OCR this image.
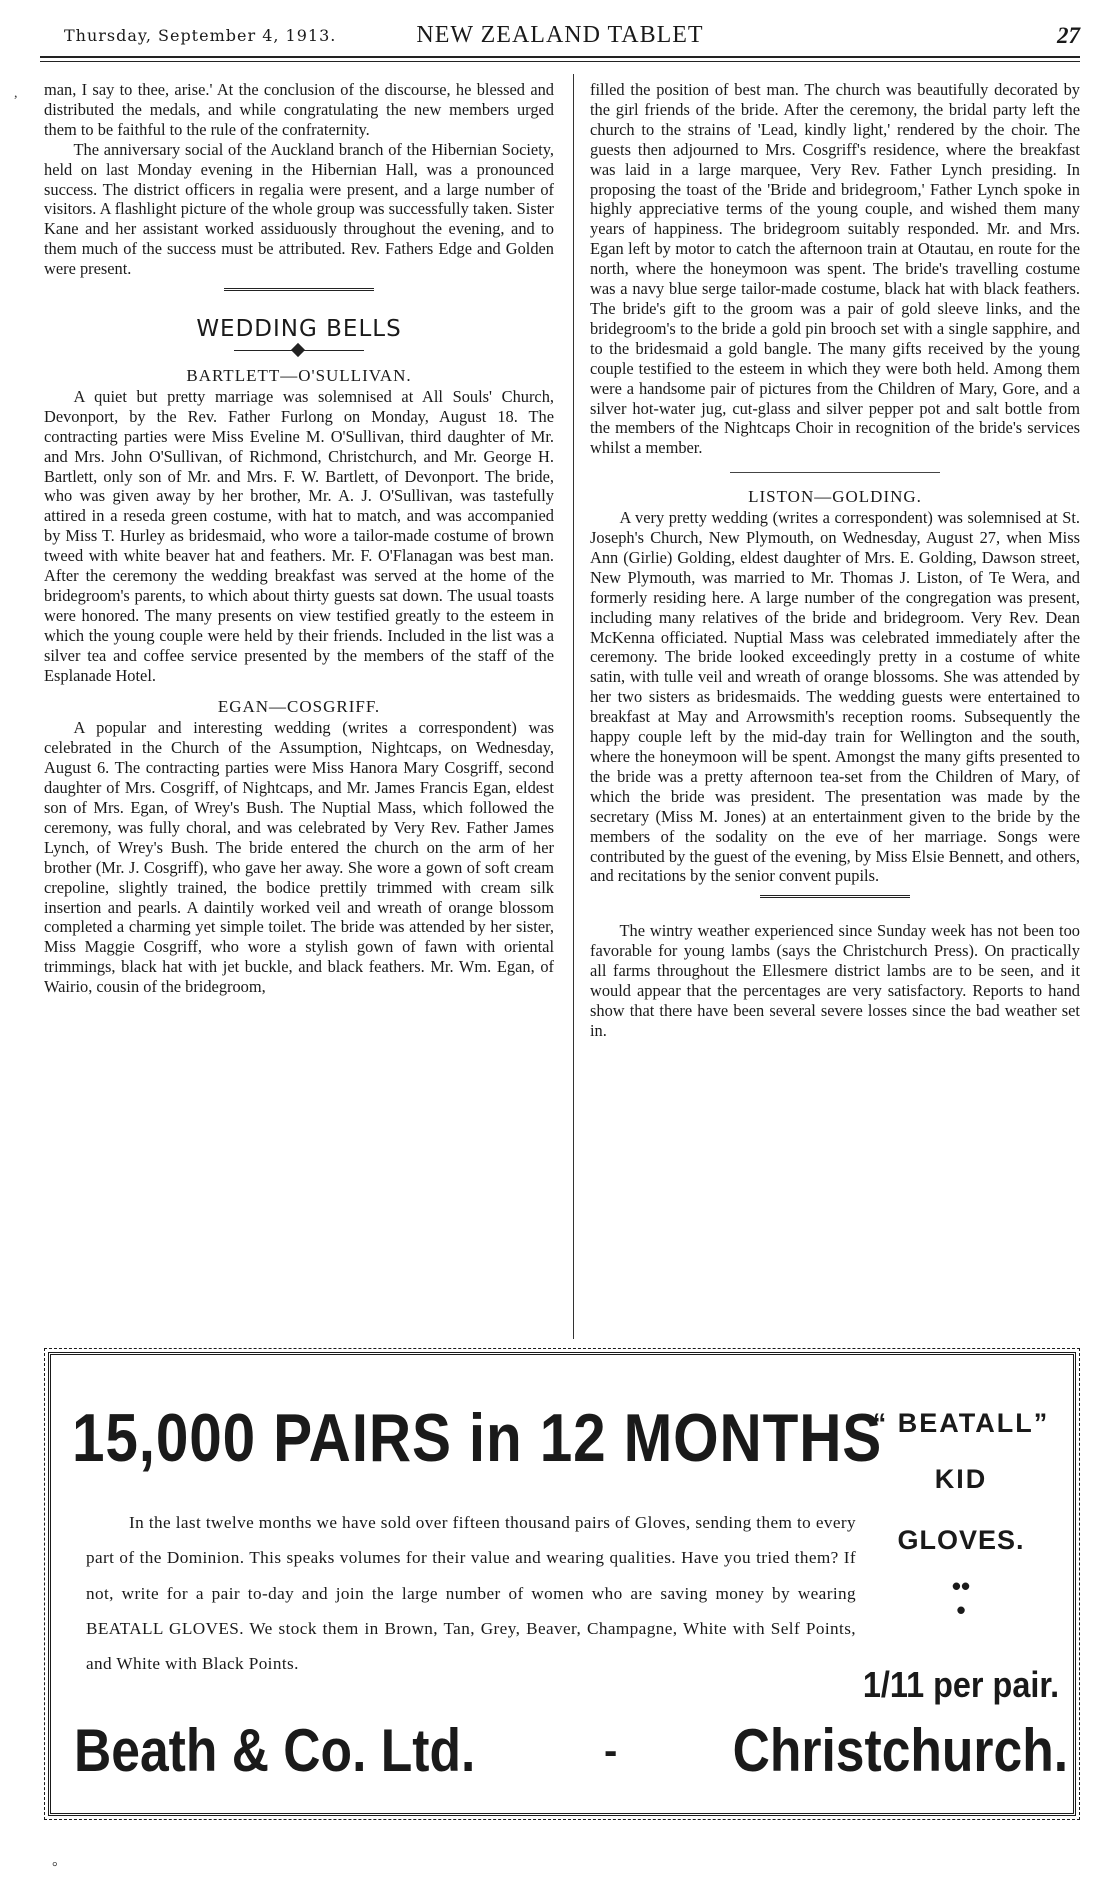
Thursday, September 4, 1913.	NEW ZEALAND TABLET	27
, man, I say to thee, arise.' At the conclusion of the discourse, he blessed and distributed the medals, and while congratulating the new members urged them to be faithful to the rule of the confraternity.

The anniversary social of the Auckland branch of the Hibernian Society, held on last Monday evening in the Hibernian Hall, was a pronounced success. The district officers in regalia were present, and a large number of visitors. A flashlight picture of the whole group was successfully taken. Sister Kane and her assistant worked assiduously throughout the evening, and to them much of the success must be attributed. Rev. Fathers Edge and Golden were present.

WEDDING BELLS
BARTLETT—O'SULLIVAN.

A quiet but pretty marriage was solemnised at All Souls' Church, Devonport, by the Rev. Father Furlong on Monday, August 18. The contracting parties were Miss Eveline M. O'Sullivan, third daughter of Mr. and Mrs. John O'Sullivan, of Richmond, Christchurch, and Mr. George H. Bartlett, only son of Mr. and Mrs. F. W. Bartlett, of Devonport. The bride, who was given away by her brother, Mr. A. J. O'Sullivan, was tastefully attired in a reseda green costume, with hat to match, and was accompanied by Miss T. Hurley as bridesmaid, who wore a tailor-made costume of brown tweed with white beaver hat and feathers. Mr. F. O'Flanagan was best man. After the ceremony the wedding breakfast was served at the home of the bridegroom's parents, to which about thirty guests sat down. The usual toasts were honored. The many presents on view testified greatly to the esteem in which the young couple were held by their friends. Included in the list was a silver tea and coffee service presented by the members of the staff of the Esplanade Hotel.

EGAN—COSGRIFF.

A popular and interesting wedding (writes a correspondent) was celebrated in the Church of the Assumption, Nightcaps, on Wednesday, August 6. The contracting parties were Miss Hanora Mary Cosgriff, second daughter of Mrs. Cosgriff, of Nightcaps, and Mr. James Francis Egan, eldest son of Mrs. Egan, of Wrey's Bush. The Nuptial Mass, which followed the ceremony, was fully choral, and was celebrated by Very Rev. Father James Lynch, of Wrey's Bush. The bride entered the church on the arm of her brother (Mr. J. Cosgriff), who gave her away. She wore a gown of soft cream crepoline, slightly trained, the bodice prettily trimmed with cream silk insertion and pearls. A daintily worked veil and wreath of orange blossom completed a charming yet simple toilet. The bride was attended by her sister, Miss Maggie Cosgriff, who wore a stylish gown of fawn with oriental trimmings, black hat with jet buckle, and black feathers. Mr. Wm. Egan, of Wairio, cousin of the bridegroom,

filled the position of best man. The church was beautifully decorated by the girl friends of the bride. After the ceremony, the bridal party left the church to the strains of 'Lead, kindly light,' rendered by the choir. The guests then adjourned to Mrs. Cosgriff's residence, where the breakfast was laid in a large marquee, Very Rev. Father Lynch presiding. In proposing the toast of the 'Bride and bridegroom,' Father Lynch spoke in highly appreciative terms of the young couple, and wished them many years of happiness. The bridegroom suitably responded. Mr. and Mrs. Egan left by motor to catch the afternoon train at Otautau, en route for the north, where the honeymoon was spent. The bride's travelling costume was a navy blue serge tailor-made costume, black hat with black feathers. The bride's gift to the groom was a pair of gold sleeve links, and the bridegroom's to the bride a gold pin brooch set with a single sapphire, and to the bridesmaid a gold bangle. The many gifts received by the young couple testified to the esteem in which they were both held. Among them were a handsome pair of pictures from the Children of Mary, Gore, and a silver hot-water jug, cut-glass and silver pepper pot and salt bottle from the members of the Nightcaps Choir in recognition of the bride's services whilst a member.

LISTON—GOLDING.

A very pretty wedding (writes a correspondent) was solemnised at St. Joseph's Church, New Plymouth, on Wednesday, August 27, when Miss Ann (Girlie) Golding, eldest daughter of Mrs. E. Golding, Dawson street, New Plymouth, was married to Mr. Thomas J. Liston, of Te Wera, and formerly residing here. A large number of the congregation was present, including many relatives of the bride and bridegroom. Very Rev. Dean McKenna officiated. Nuptial Mass was celebrated immediately after the ceremony. The bride looked exceedingly pretty in a costume of white satin, with tulle veil and wreath of orange blossoms. She was attended by her two sisters as bridesmaids. The wedding guests were entertained to breakfast at May and Arrowsmith's reception rooms. Subsequently the happy couple left by the mid-day train for Wellington and the south, where the honeymoon will be spent. Amongst the many gifts presented to the bride was a pretty afternoon tea-set from the Children of Mary, of which the bride was president. The presentation was made by the secretary (Miss M. Jones) at an entertainment given to the bride by the members of the sodality on the eve of her marriage. Songs were contributed by the guest of the evening, by Miss Elsie Bennett, and others, and recitations by the senior convent pupils.

The wintry weather experienced since Sunday week has not been too favorable for young lambs (says the Christchurch Press). On practically all farms throughout the Ellesmere district lambs are to be seen, and it would appear that the percentages are very satisfactory. Reports to hand show that there have been several severe losses since the bad weather set in.

15,000 PAIRS in 12 MONTHS
In the last twelve months we have sold over fifteen thousand pairs of Gloves, sending them to every part of the Dominion. This speaks volumes for their value and wearing qualities. Have you tried them? If not, write for a pair to-day and join the large number of women who are saving money by wearing BEATALL GLOVES. We stock them in Brown, Tan, Grey, Beaver, Champagne, White with Self Points, and White with Black Points.
“ BEATALL”
KID
GLOVES.
••
•
1/11 per pair.
Beath & Co. Ltd.	- Christchurch.
°
